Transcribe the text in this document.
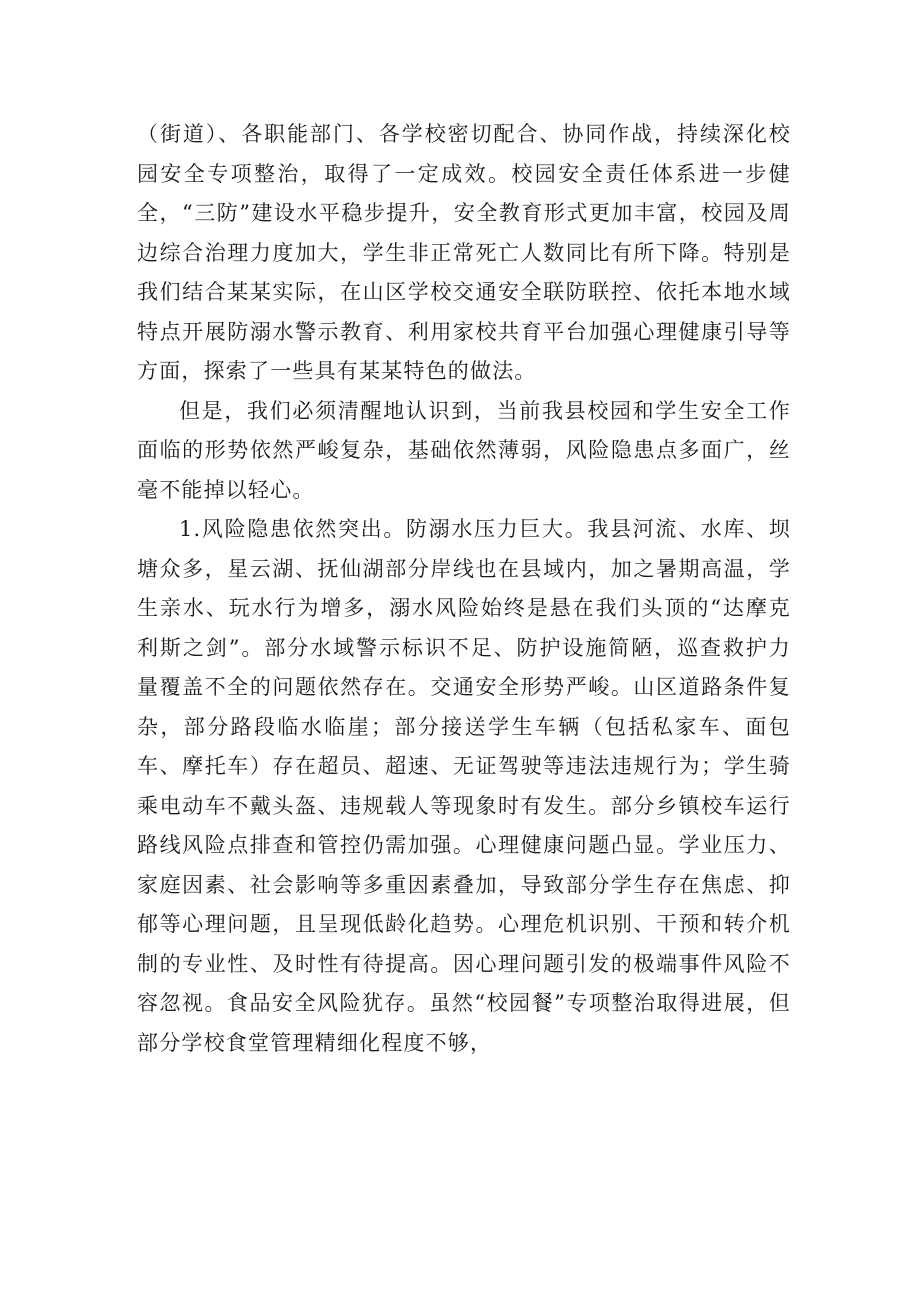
（街道）、各职能部门、各学校密切配合、协同作战，持续深化校园安全专项整治，取得了一定成效。校园安全责任体系进一步健全，“三防”建设水平稳步提升，安全教育形式更加丰富，校园及周边综合治理力度加大，学生非正常死亡人数同比有所下降。特别是我们结合某某实际，在山区学校交通安全联防联控、依托本地水域特点开展防溺水警示教育、利用家校共育平台加强心理健康引导等方面，探索了一些具有某某特色的做法。

但是，我们必须清醒地认识到，当前我县校园和学生安全工作面临的形势依然严峻复杂，基础依然薄弱，风险隐患点多面广，丝毫不能掉以轻心。

1.风险隐患依然突出。防溺水压力巨大。我县河流、水库、坝塘众多，星云湖、抚仙湖部分岸线也在县域内，加之暑期高温，学生亲水、玩水行为增多，溺水风险始终是悬在我们头顶的“达摩克利斯之剑”。部分水域警示标识不足、防护设施简陋，巡查救护力量覆盖不全的问题依然存在。交通安全形势严峻。山区道路条件复杂，部分路段临水临崖；部分接送学生车辆（包括私家车、面包车、摩托车）存在超员、超速、无证驾驶等违法违规行为；学生骑乘电动车不戴头盔、违规载人等现象时有发生。部分乡镇校车运行路线风险点排查和管控仍需加强。心理健康问题凸显。学业压力、家庭因素、社会影响等多重因素叠加，导致部分学生存在焦虑、抑郁等心理问题，且呈现低龄化趋势。心理危机识别、干预和转介机制的专业性、及时性有待提高。因心理问题引发的极端事件风险不容忽视。食品安全风险犹存。虽然“校园餐”专项整治取得进展，但部分学校食堂管理精细化程度不够，
